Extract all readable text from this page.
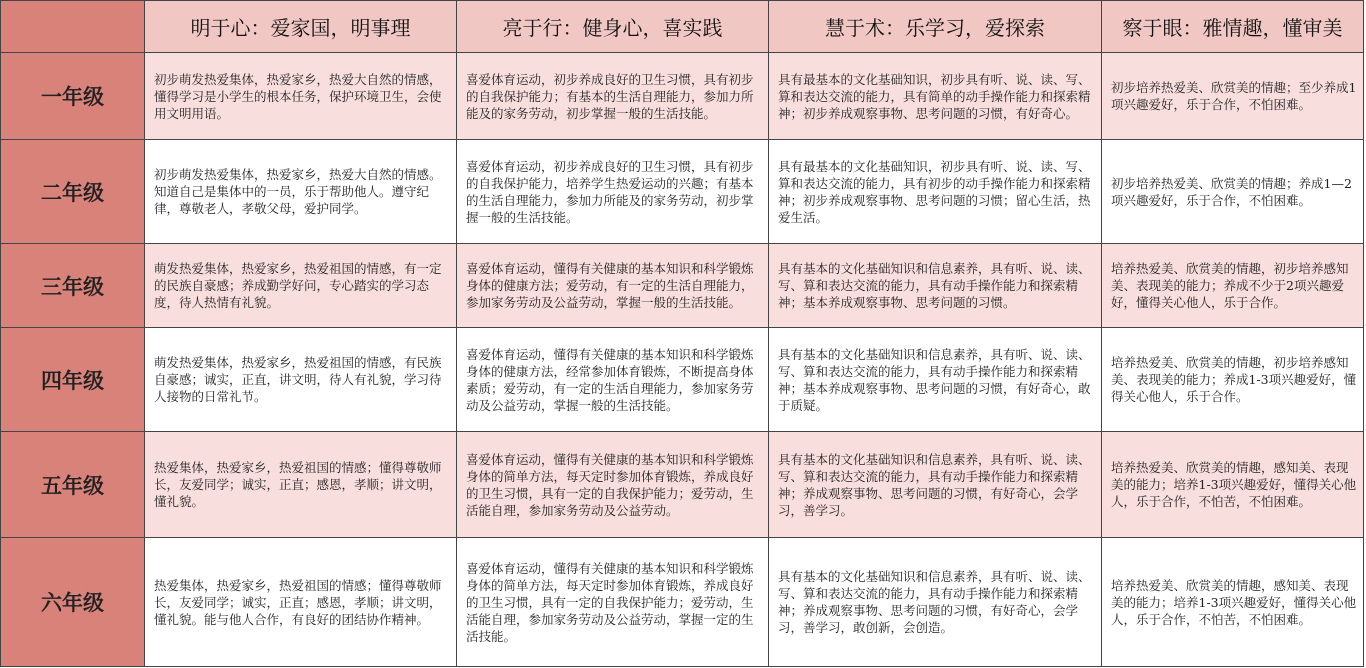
	明于心：爱家国，明事理	亮于行：健身心，喜实践	慧于术：乐学习，爱探索	察于眼：雅情趣，懂审美
一年级	初步萌发热爱集体，热爱家乡，热爱大自然的情感，懂得学习是小学生的根本任务，保护环境卫生，会使用文明用语。	喜爱体育运动，初步养成良好的卫生习惯，具有初步的自我保护能力；有基本的生活自理能力，参加力所能及的家务劳动，初步掌握一般的生活技能。	具有最基本的文化基础知识，初步具有听、说、读、写、算和表达交流的能力，具有简单的动手操作能力和探索精神；初步养成观察事物、思考问题的习惯，有好奇心。	初步培养热爱美、欣赏美的情趣；至少养成1项兴趣爱好，乐于合作，不怕困难。

二年级	初步萌发热爱集体，热爱家乡，热爱大自然的情感。知道自己是集体中的一员，乐于帮助他人。遵守纪律，尊敬老人，孝敬父母，爱护同学。	喜爱体育运动，初步养成良好的卫生习惯，具有初步的自我保护能力，培养学生热爱运动的兴趣；有基本的生活自理能力，参加力所能及的家务劳动，初步掌握一般的生活技能。	具有最基本的文化基础知识，初步具有听、说、读、写、算和表达交流的能力，具有初步的动手操作能力和探索精神；初步养成观察事物、思考问题的习惯；留心生活，热爱生活。	初步培养热爱美、欣赏美的情趣；养成1—2项兴趣爱好，乐于合作，不怕困难。

三年级	萌发热爱集体，热爱家乡，热爱祖国的情感，有一定的民族自豪感；养成勤学好问，专心踏实的学习态度，待人热情有礼貌。	喜爱体育运动，懂得有关健康的基本知识和科学锻炼身体的健康方法；爱劳动，有一定的生活自理能力，参加家务劳动及公益劳动，掌握一般的生活技能。	具有基本的文化基础知识和信息素养，具有听、说、读、写、算和表达交流的能力，具有动手操作能力和探索精神；基本养成观察事物、思考问题的习惯。	培养热爱美、欣赏美的情趣，初步培养感知美、表现美的能力；养成不少于2项兴趣爱好，懂得关心他人，乐于合作。

四年级	萌发热爱集体，热爱家乡，热爱祖国的情感，有民族自豪感；诚实，正直，讲文明，待人有礼貌，学习待人接物的日常礼节。	喜爱体育运动，懂得有关健康的基本知识和科学锻炼身体的健康方法，经常参加体育锻炼，不断提高身体素质；爱劳动，有一定的生活自理能力，参加家务劳动及公益劳动，掌握一般的生活技能。	具有基本的文化基础知识和信息素养，具有听、说、读、写、算和表达交流的能力，具有动手操作能力和探索精神；基本养成观察事物、思考问题的习惯，有好奇心，敢于质疑。	培养热爱美、欣赏美的情趣，初步培养感知美、表现美的能力；养成1-3项兴趣爱好，懂得关心他人，乐于合作。

五年级	热爱集体，热爱家乡，热爱祖国的情感；懂得尊敬师长，友爱同学；诚实，正直；感恩，孝顺；讲文明，懂礼貌。	喜爱体育运动，懂得有关健康的基本知识和科学锻炼身体的简单方法，每天定时参加体育锻炼，养成良好的卫生习惯，具有一定的自我保护能力；爱劳动，生活能自理，参加家务劳动及公益劳动。	具有基本的文化基础知识和信息素养，具有听、说、读、写、算和表达交流的能力，具有动手操作能力和探索精神；养成观察事物、思考问题的习惯，有好奇心，会学习，善学习。	培养热爱美、欣赏美的情趣，感知美、表现美的能力；培养1-3项兴趣爱好，懂得关心他人，乐于合作，不怕苦，不怕困难。

六年级	热爱集体，热爱家乡，热爱祖国的情感；懂得尊敬师长，友爱同学；诚实，正直；感恩，孝顺；讲文明，懂礼貌。能与他人合作，有良好的团结协作精神。	喜爱体育运动，懂得有关健康的基本知识和科学锻炼身体的简单方法，每天定时参加体育锻炼，养成良好的卫生习惯，具有一定的自我保护能力；爱劳动，生活能自理，参加家务劳动及公益劳动，掌握一定的生活技能。	具有基本的文化基础知识和信息素养，具有听、说、读、写、算和表达交流的能力，具有动手操作能力和探索精神；养成观察事物、思考问题的习惯，有好奇心，会学习，善学习，敢创新，会创造。	培养热爱美、欣赏美的情趣，感知美、表现美的能力；培养1-3项兴趣爱好，懂得关心他人，乐于合作，不怕苦，不怕困难。
